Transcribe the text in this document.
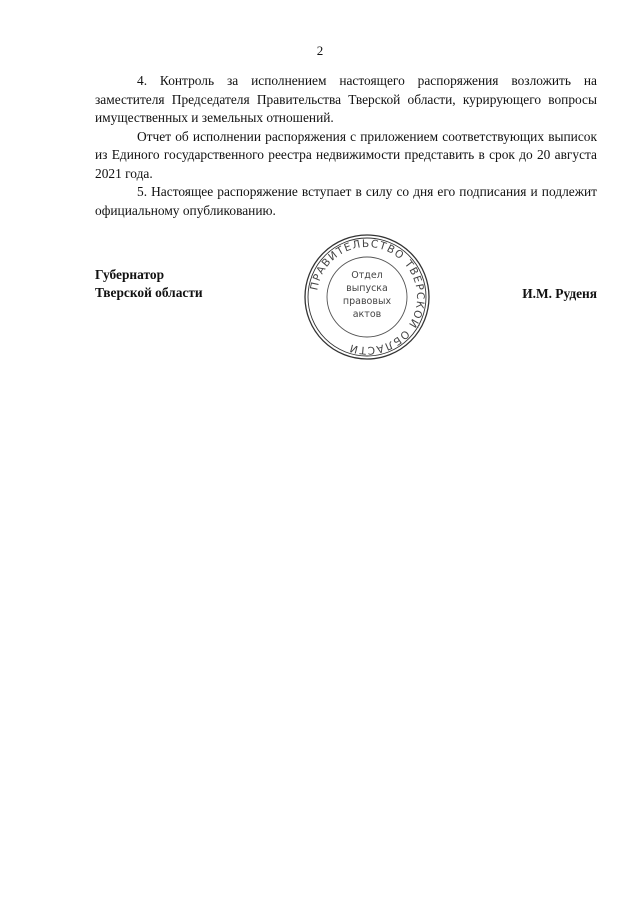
2

4. Контроль за исполнением настоящего распоряжения возложить на заместителя Председателя Правительства Тверской области, курирующего вопросы имущественных и земельных отношений.

Отчет об исполнении распоряжения с приложением соответствующих выписок из Единого государственного реестра недвижимости представить в срок до 20 августа 2021 года.

5. Настоящее распоряжение вступает в силу со дня его подписания и подлежит официальному опубликованию.

Губернатор
Тверской области	И.М. Руденя
ПРАВИТЕЛЬСТВО ТВЕРСКОЙ ОБЛАСТИ
Отдел
выпуска
правовых
актов
